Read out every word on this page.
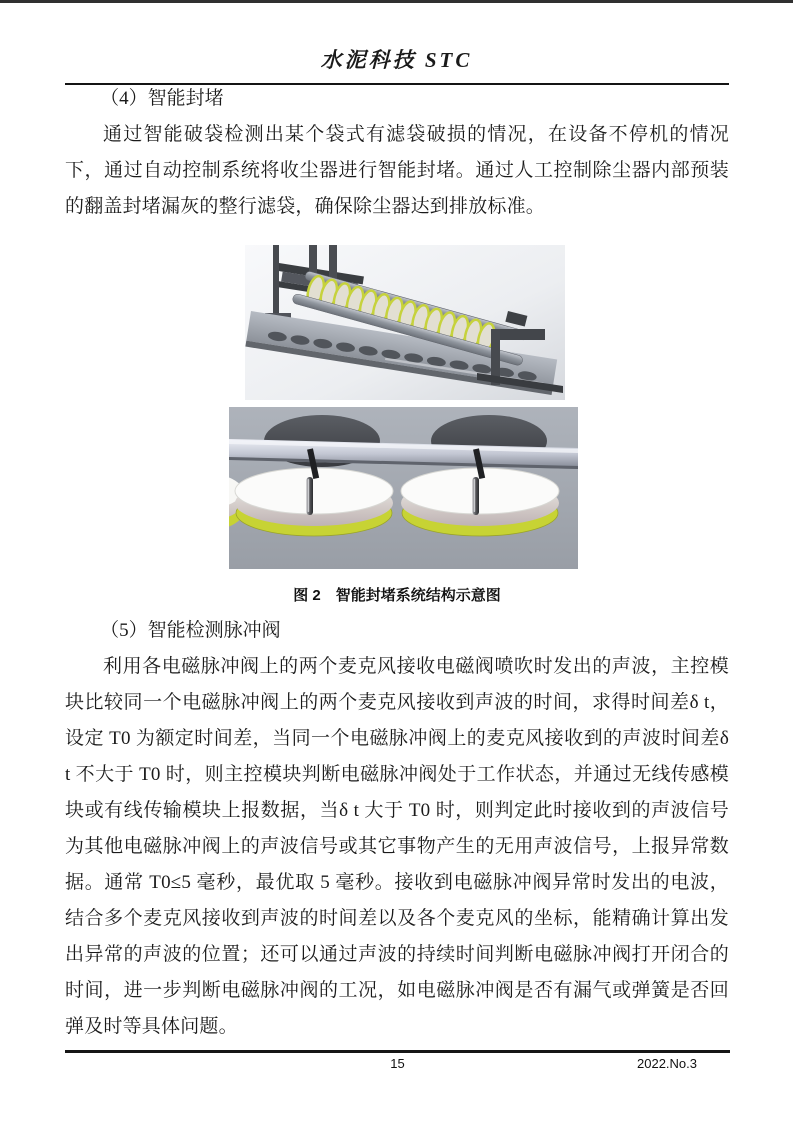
水泥科技 STC
（4）智能封堵

通过智能破袋检测出某个袋式有滤袋破损的情况，在设备不停机的情况下，通过自动控制系统将收尘器进行智能封堵。通过人工控制除尘器内部预装的翻盖封堵漏灰的整行滤袋，确保除尘器达到排放标准。

图 2　智能封堵系统结构示意图
（5）智能检测脉冲阀

利用各电磁脉冲阀上的两个麦克风接收电磁阀喷吹时发出的声波，主控模块比较同一个电磁脉冲阀上的两个麦克风接收到声波的时间，求得时间差δ t，设定 T0 为额定时间差，当同一个电磁脉冲阀上的麦克风接收到的声波时间差δ t 不大于 T0 时，则主控模块判断电磁脉冲阀处于工作状态，并通过无线传感模块或有线传输模块上报数据，当δ t 大于 T0 时，则判定此时接收到的声波信号为其他电磁脉冲阀上的声波信号或其它事物产生的无用声波信号，上报异常数据。通常 T0≤5 毫秒，最优取 5 毫秒。接收到电磁脉冲阀异常时发出的电波，结合多个麦克风接收到声波的时间差以及各个麦克风的坐标，能精确计算出发出异常的声波的位置；还可以通过声波的持续时间判断电磁脉冲阀打开闭合的时间，进一步判断电磁脉冲阀的工况，如电磁脉冲阀是否有漏气或弹簧是否回弹及时等具体问题。

15	2022.No.3
